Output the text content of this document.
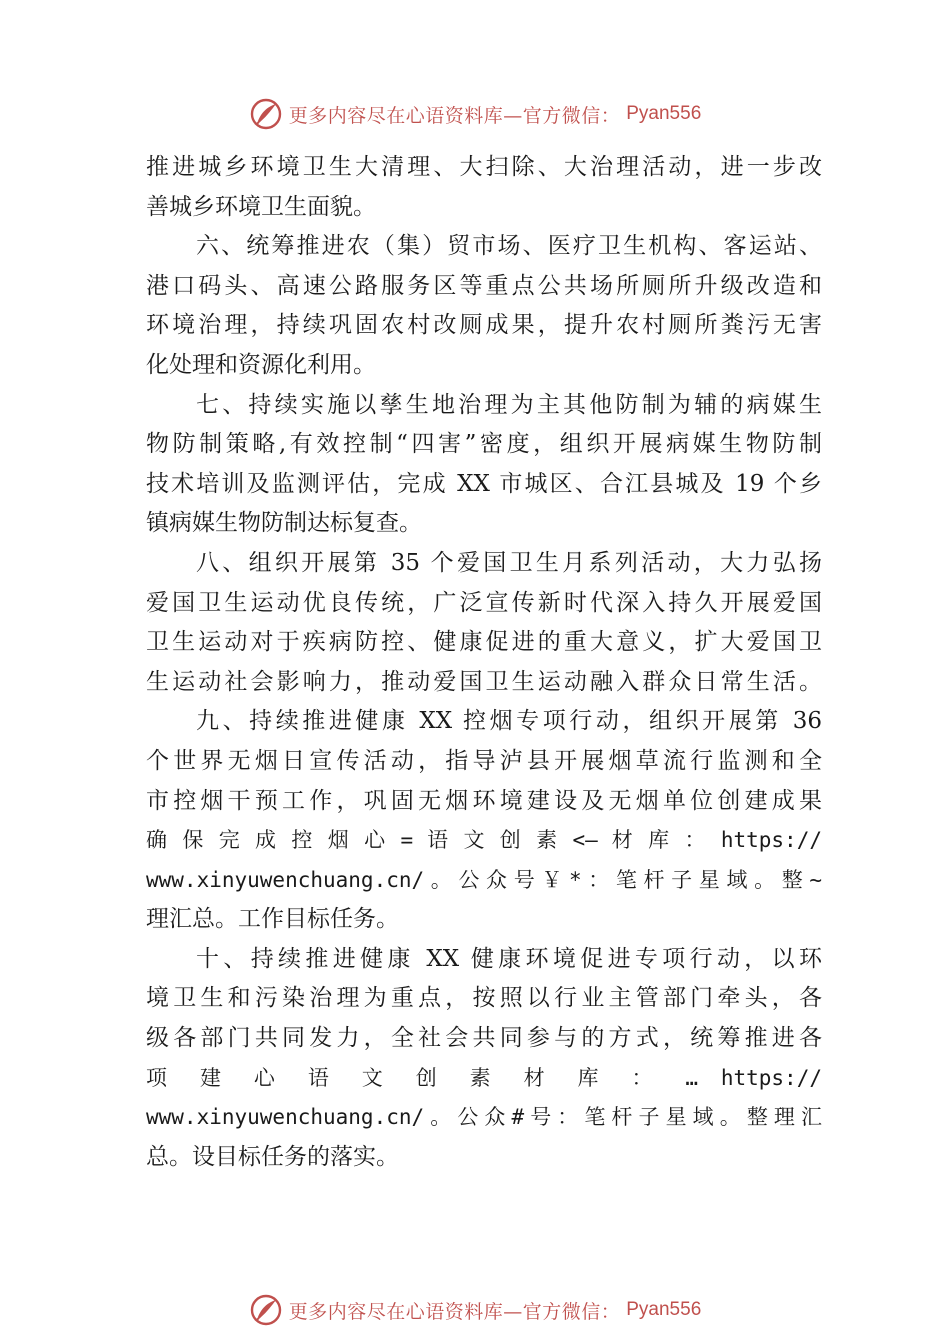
更多内容尽在心语资料库—官方微信： Pyan556
推进城乡环境卫生大清理、大扫除、大治理活动，进一步改
善城乡环境卫生面貌。
六、统筹推进农（集）贸市场、医疗卫生机构、客运站、
港口码头、高速公路服务区等重点公共场所厕所升级改造和
环境治理，持续巩固农村改厕成果，提升农村厕所粪污无害
化处理和资源化利用。
七、持续实施以孳生地治理为主其他防制为辅的病媒生
物防制策略,有效控制“四害”密度，组织开展病媒生物防制
技术培训及监测评估，完成 XX 市城区、合江县城及 19 个乡
镇病媒生物防制达标复查。
八、组织开展第 35 个爱国卫生月系列活动，大力弘扬
爱国卫生运动优良传统，广泛宣传新时代深入持久开展爱国
卫生运动对于疾病防控、健康促进的重大意义，扩大爱国卫
生运动社会影响力，推动爱国卫生运动融入群众日常生活。
九、持续推进健康 XX 控烟专项行动，组织开展第 36
个世界无烟日宣传活动，指导泸县开展烟草流行监测和全
市控烟干预工作，巩固无烟环境建设及无烟单位创建成果
确 保 完 成 控 烟 心 = 语 文 创 素 <— 材 库 ： https://
www.xinyuwenchuang.cn/。公众号￥*：笔杆子星域。整~
理汇总。工作目标任务。
十、持续推进健康 XX 健康环境促进专项行动，以环
境卫生和污染治理为重点，按照以行业主管部门牵头，各
级各部门共同发力，全社会共同参与的方式，统筹推进各
项 建 心 语 文 创 素 材 库 ： … https://
www.xinyuwenchuang.cn/。公众#号：笔杆子星域。整理汇
总。设目标任务的落实。
更多内容尽在心语资料库—官方微信： Pyan556
